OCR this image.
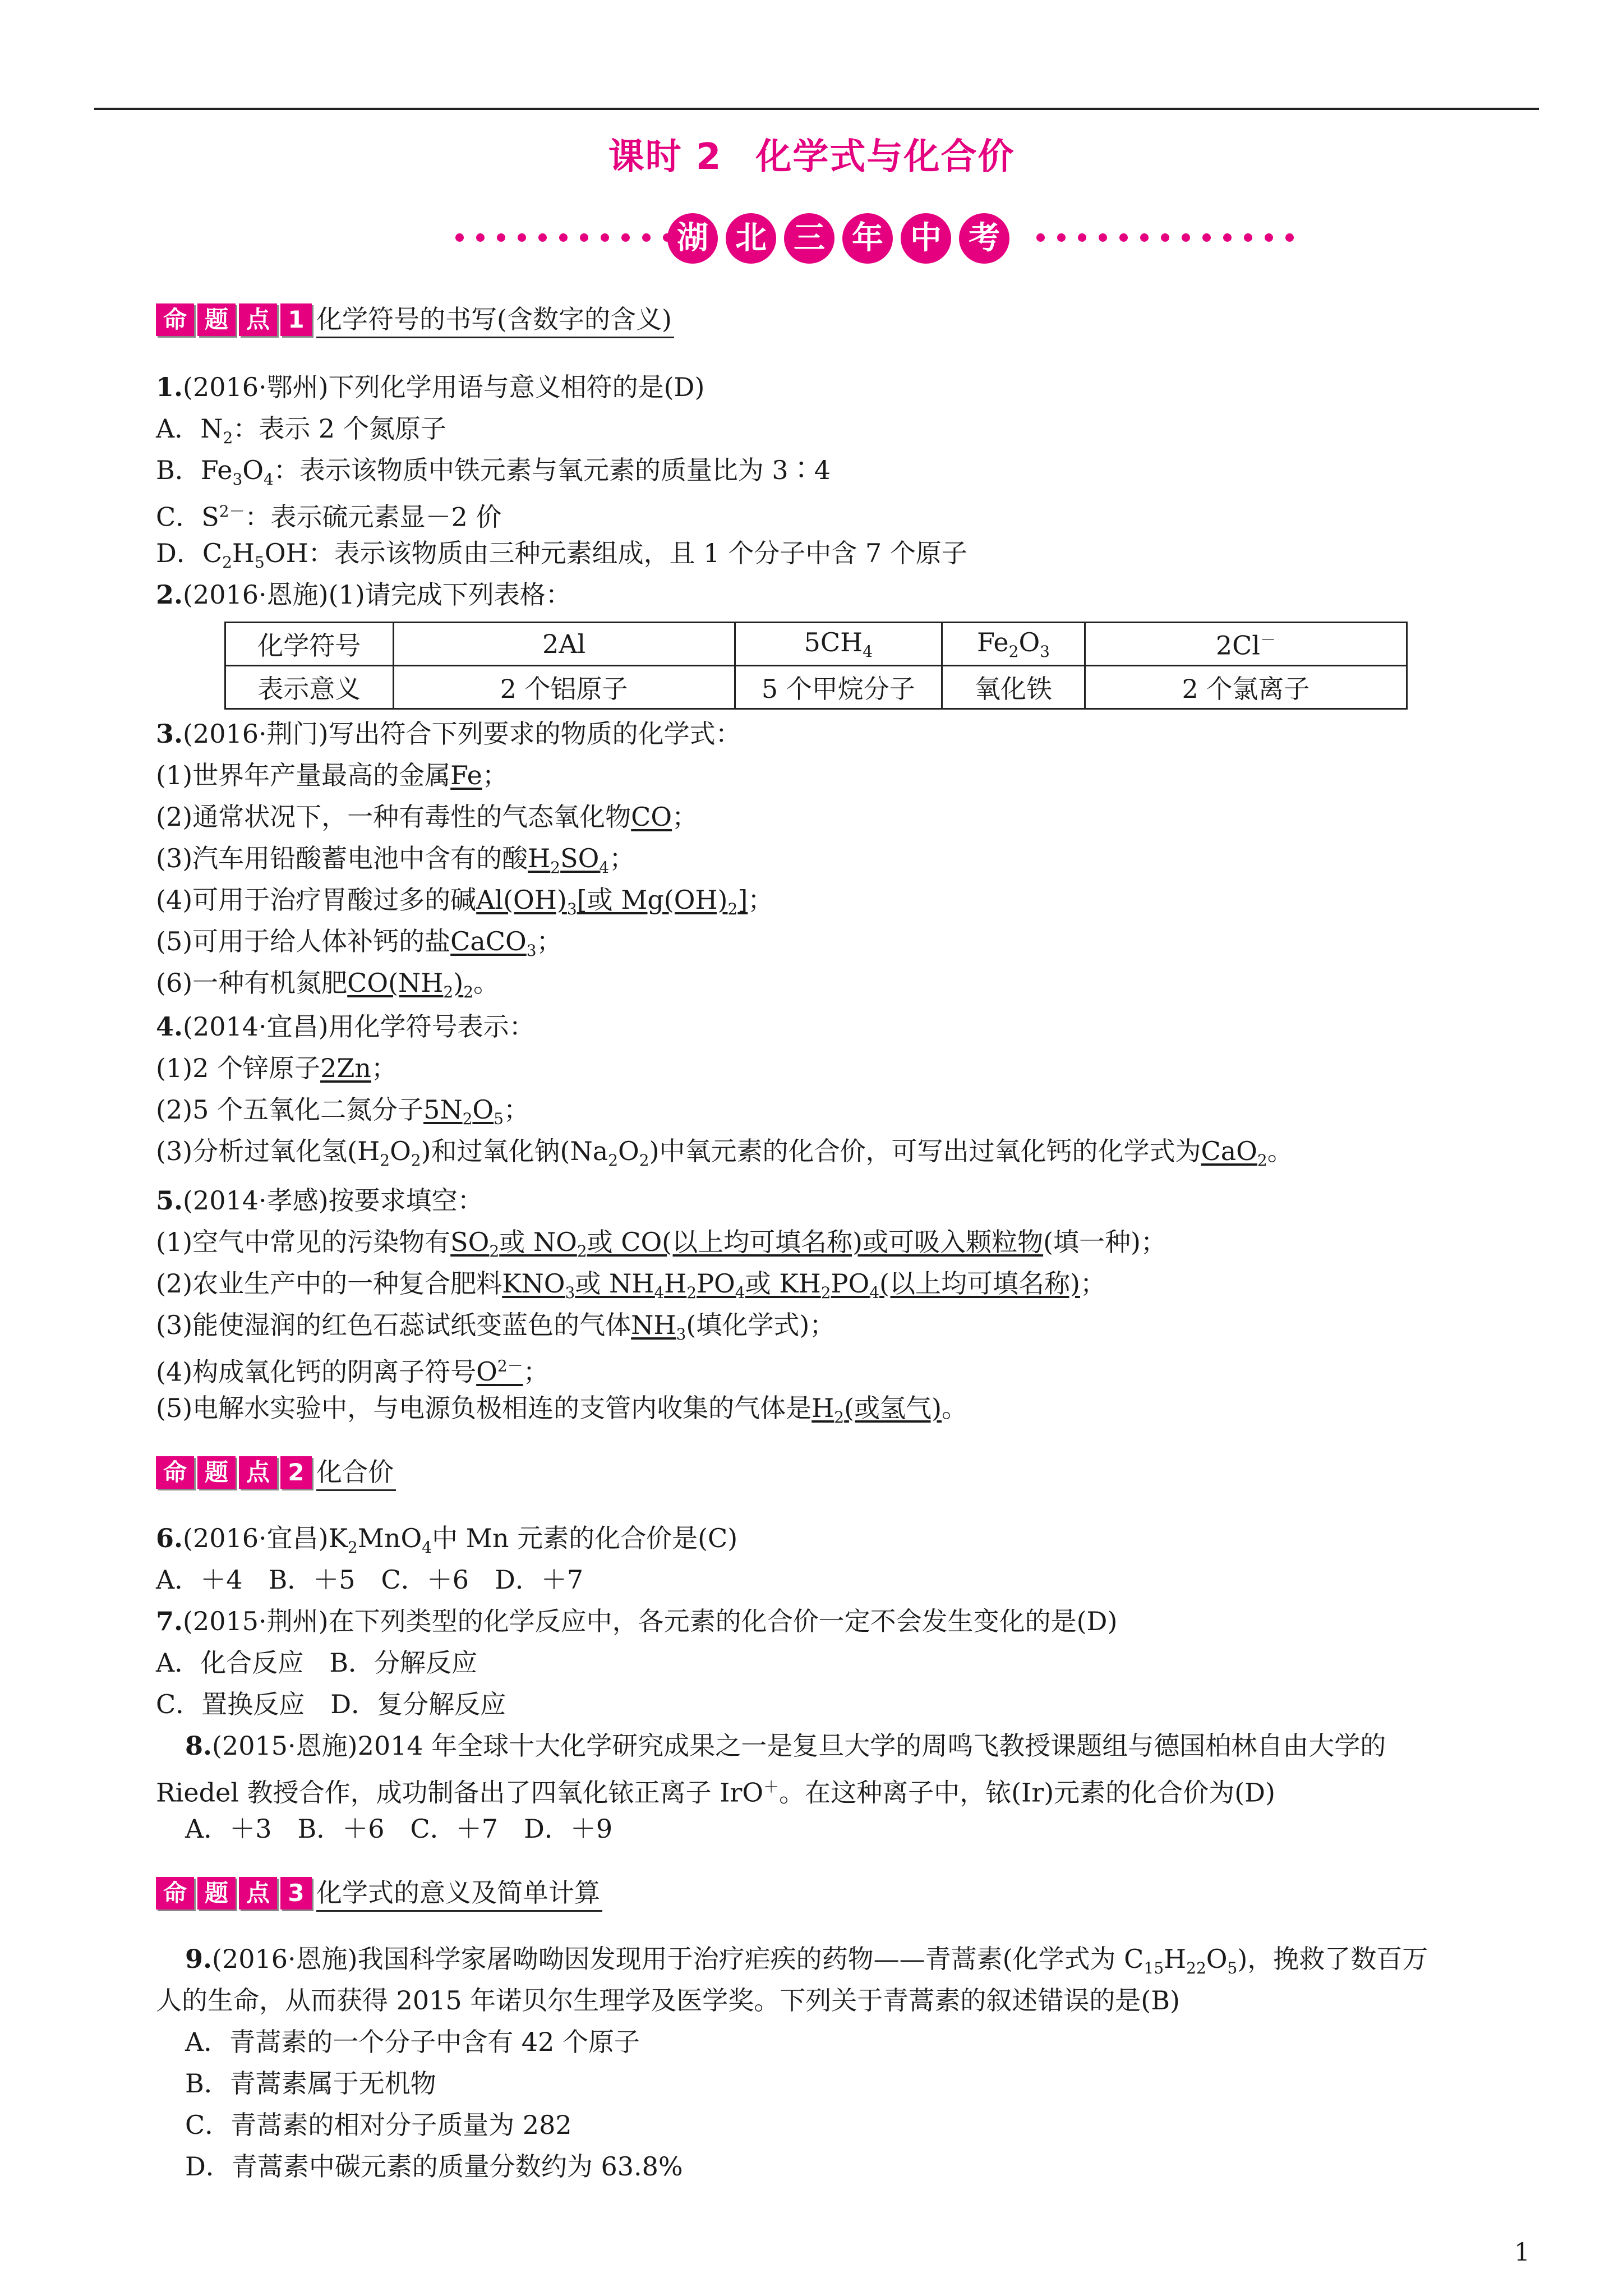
课时 2 化学式与化合价
湖 北 三 年 中 考
命 题 点 1 化学符号的书写(含数字的含义)
1.(2016·鄂州)下列化学用语与意义相符的是(D)
A．$N_2$：表示 2 个氮原子
B．$Fe_3O_4$：表示该物质中铁元素与氧元素的质量比为 3∶4
C．$S^{2-}$：表示硫元素显－2 价
D．$C_2H_5OH$：表示该物质由三种元素组成，且 1 个分子中含 7 个原子
2.(2016·恩施)(1)请完成下列表格：
化学符号	2Al	$5CH_4$	$Fe_2O_3$	2Cl－
表示意义	2 个铝原子	5 个甲烷分子	氧化铁	2 个氯离子
3.(2016·荆门)写出符合下列要求的物质的化学式：
(1)世界年产量最高的金属Fe；
(2)通常状况下，一种有毒性的气态氧化物CO；
(3)汽车用铅酸蓄电池中含有的酸$H_2SO_4$；
(4)可用于治疗胃酸过多的碱$Al(OH)_3$[或 $Mg(OH)_2$]；
(5)可用于给人体补钙的盐CaCO$_3$；
(6)一种有机氮肥$CO(NH_2)_2$。
4.(2014·宜昌)用化学符号表示：
(1)2 个锌原子2Zn；
(2)5 个五氧化二氮分子$5N_2O_5$；
(3)分析过氧化氢$(H_2O_2)$和过氧化钠$(Na_2O_2)$中氧元素的化合价，可写出过氧化钙的化学式为CaO$_2$。
5.(2014·孝感)按要求填空：
(1)空气中常见的污染物有$SO_2$或 $NO_2$或 CO(以上均可填名称)或可吸入颗粒物(填一种)；
(2)农业生产中的一种复合肥料$KNO_3$或 $NH_4H_2PO_4$或 $KH_2PO_4$(以上均可填名称)；
(3)能使湿润的红色石蕊试纸变蓝色的气体$NH_3$(填化学式)；
(4)构成氧化钙的阴离子符号$O^{2-}$；
(5)电解水实验中，与电源负极相连的支管内收集的气体是$H_2$(或氢气)。
命 题 点 2 化合价
6.(2016·宜昌)$K_2MnO_4$中 Mn 元素的化合价是(C)
A．＋4　B．＋5　C．＋6　D．＋7
7.(2015·荆州)在下列类型的化学反应中，各元素的化合价一定不会发生变化的是(D)
A．化合反应　B．分解反应
C．置换反应　D．复分解反应
8.(2015·恩施)2014 年全球十大化学研究成果之一是复旦大学的周鸣飞教授课题组与德国柏林自由大学的
Riedel 教授合作，成功制备出了四氧化铱正离子 IrO＋。在这种离子中，铱(Ir)元素的化合价为(D)
A．＋3　B．＋6　C．＋7　D．＋9
命 题 点 3 化学式的意义及简单计算
9.(2016·恩施)我国科学家屠呦呦因发现用于治疗疟疾的药物——青蒿素(化学式为 $C_{15}H_{22}O_5$)，挽救了数百万
人的生命，从而获得 2015 年诺贝尔生理学及医学奖。下列关于青蒿素的叙述错误的是(B)
A．青蒿素的一个分子中含有 42 个原子
B．青蒿素属于无机物
C．青蒿素的相对分子质量为 282
D．青蒿素中碳元素的质量分数约为 63.8%
1
